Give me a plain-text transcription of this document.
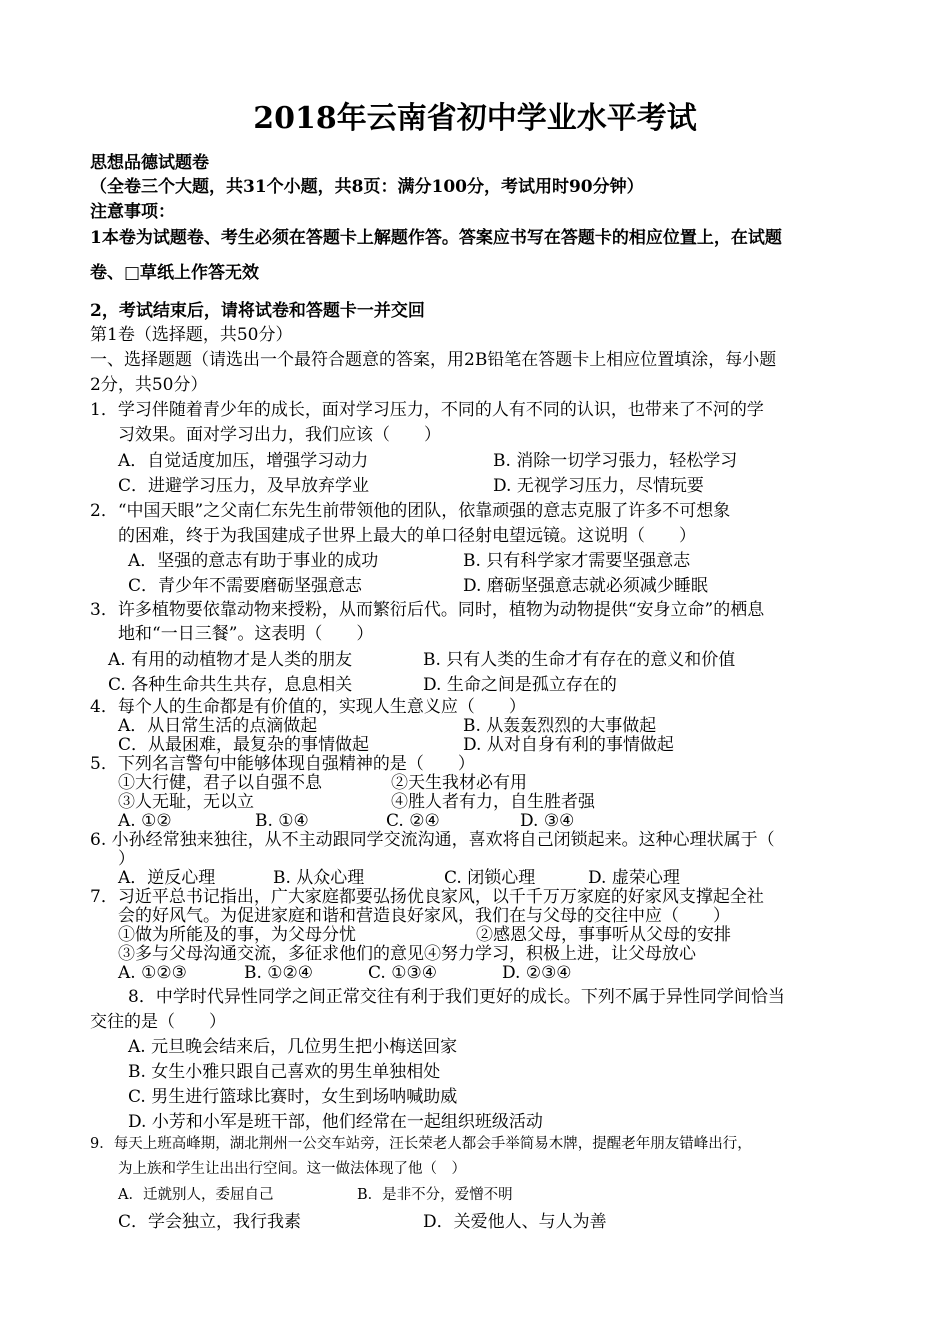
2018年云南省初中学业水平考试
思想品德试题卷
（全卷三个大题，共31个小题，共8页：满分100分，考试用时90分钟）
注意事项：
1本卷为试题卷、考生必须在答题卡上解题作答。答案应书写在答题卡的相应位置上，在试题
卷、□草纸上作答无效
2，考试结束后，请将试卷和答题卡一并交回
第1卷（选择题，共50分）
一、选择题题（请选出一个最符合题意的答案，用2B铅笔在答题卡上相应位置填涂，每小题
2分，共50分）
1．学习伴随着青少年的成长，面对学习压力，不同的人有不同的认识，也带来了不河的学
习效果。面对学习出力，我们应该（　　）
A．自觉适度加压，增强学习动力	B. 消除一切学习張力，轻松学习
C．进避学习压力，及早放弃学业	D. 无视学习压力，尽情玩要
2．“中国天眼”之父南仁东先生前带领他的团队，依靠顽强的意志克服了许多不可想象
的困难，终于为我国建成子世界上最大的单口径射电望远镜。这说明（　　）
A．坚强的意志有助于事业的成功	B. 只有科学家才需要坚强意志
C．青少年不需要磨砺坚强意志	D. 磨砺坚强意志就必须减少睡眠
3．许多植物要依靠动物来授粉，从而繁衍后代。同时，植物为动物提供“安身立命”的栖息
地和“一日三餐”。这表明（　　）
A. 有用的动植物才是人类的朋友	B. 只有人类的生命才有存在的意义和价值
C. 各种生命共生共存，息息相关	D. 生命之间是孤立存在的
4．每个人的生命都是有价值的，实现人生意义应（　　）
A．从日常生活的点滴做起	B. 从轰轰烈烈的大事做起
C．从最困难，最复杂的事情做起	D. 从对自身有利的事情做起
5．下列名言警句中能够体现自强精神的是（　　）
①大行健，君子以自强不息	②天生我材必有用
③人无耻，无以立	④胜人者有力，自生胜者强
A. ①②	B. ①④	C. ②④	D. ③④
6. 小孙经常独来独往，从不主动跟同学交流沟通，喜欢将自己闭锁起来。这种心理状属于（
）
A．逆反心理	B. 从众心理	C. 闭锁心理	D. 虚荣心理
7．习近平总书记指出，广大家庭都要弘扬优良家风，以千千万万家庭的好家风支撑起全社
会的好风气。为促进家庭和谐和营造良好家风，我们在与父母的交往中应（　　）
①做为所能及的事，为父母分忧	②感恩父母，事事听从父母的安排
③多与父母沟通交流，多征求他们的意见④努力学习，积极上进，让父母放心
A. ①②③	B. ①②④	C. ①③④	D. ②③④
8．中学时代异性同学之间正常交往有利于我们更好的成长。下列不属于异性同学间恰当
交往的是（　　）
A. 元旦晚会结来后，几位男生把小梅送回家
B. 女生小雅只跟自己喜欢的男生单独相处
C. 男生进行篮球比赛时，女生到场呐喊助威
D. 小芳和小军是班干部，他们经常在一起组织班级活动
9．每天上班高峰期，湖北荆州一公交车站旁，汪长荣老人都会手举简易木牌，提醒老年朋友错峰出行，
为上族和学生让出出行空间。这一做法体现了他（　）
A．迁就别人，委屈自己	B．是非不分，爱憎不明
C．学会独立，我行我素	D．关爱他人、与人为善
